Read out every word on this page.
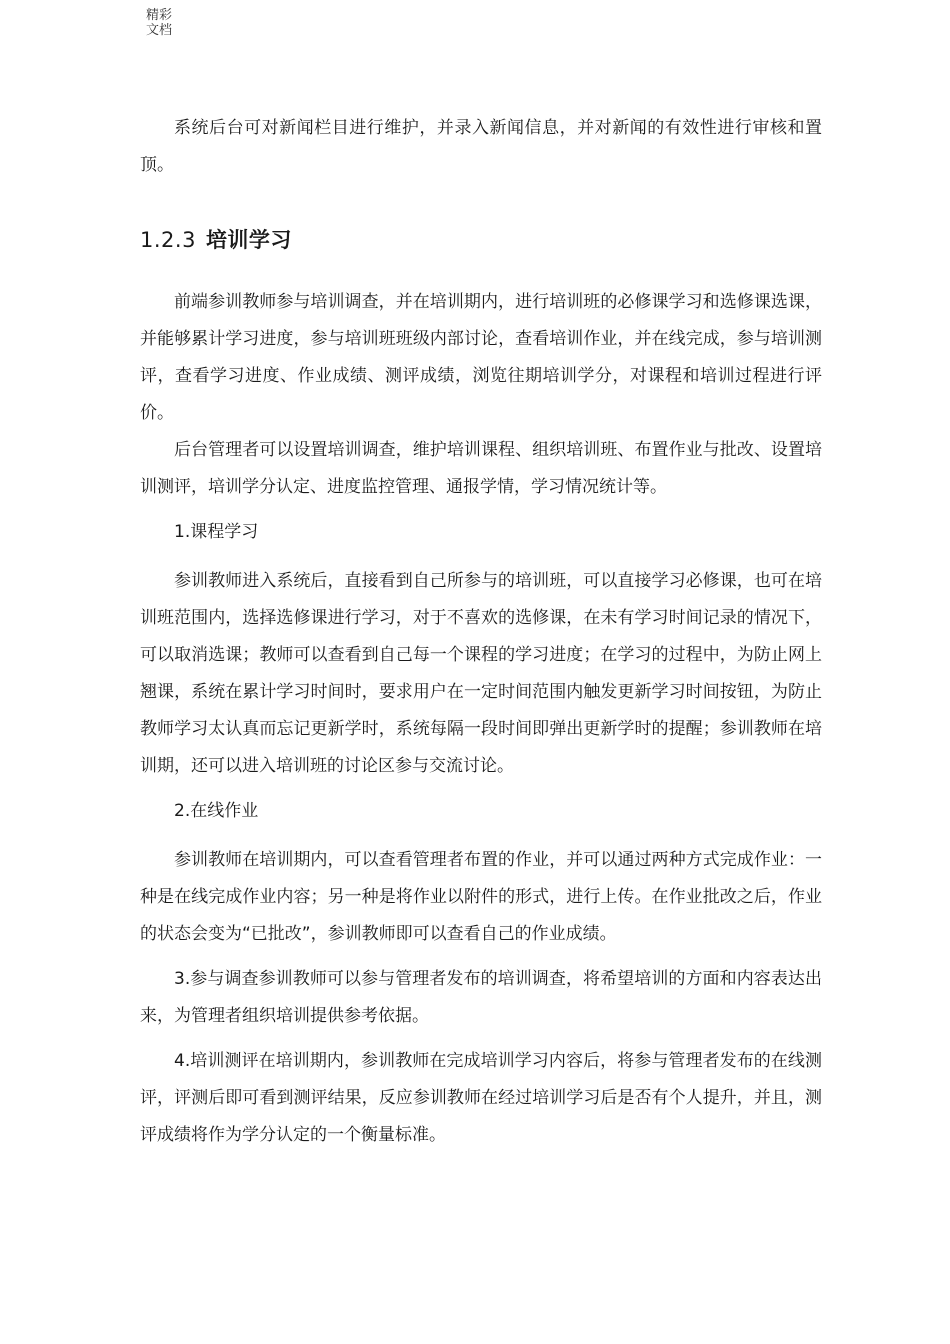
精彩文档

系统后台可对新闻栏目进行维护，并录入新闻信息，并对新闻的有效性进行审核和置顶。

1.2.3 培训学习

前端参训教师参与培训调查，并在培训期内，进行培训班的必修课学习和选修课选课，并能够累计学习进度，参与培训班班级内部讨论，查看培训作业，并在线完成，参与培训测评，查看学习进度、作业成绩、测评成绩，浏览往期培训学分，对课程和培训过程进行评价。

后台管理者可以设置培训调查，维护培训课程、组织培训班、布置作业与批改、设置培训测评，培训学分认定、进度监控管理、通报学情，学习情况统计等。

1.课程学习

参训教师进入系统后，直接看到自己所参与的培训班，可以直接学习必修课，也可在培训班范围内，选择选修课进行学习，对于不喜欢的选修课，在未有学习时间记录的情况下，可以取消选课；教师可以查看到自己每一个课程的学习进度；在学习的过程中，为防止网上翘课，系统在累计学习时间时，要求用户在一定时间范围内触发更新学习时间按钮，为防止教师学习太认真而忘记更新学时，系统每隔一段时间即弹出更新学时的提醒；参训教师在培训期，还可以进入培训班的讨论区参与交流讨论。

2.在线作业

参训教师在培训期内，可以查看管理者布置的作业，并可以通过两种方式完成作业：一种是在线完成作业内容；另一种是将作业以附件的形式，进行上传。在作业批改之后，作业的状态会变为“已批改”，参训教师即可以查看自己的作业成绩。

3.参与调查参训教师可以参与管理者发布的培训调查，将希望培训的方面和内容表达出来，为管理者组织培训提供参考依据。

4.培训测评在培训期内，参训教师在完成培训学习内容后，将参与管理者发布的在线测评，评测后即可看到测评结果，反应参训教师在经过培训学习后是否有个人提升，并且，测评成绩将作为学分认定的一个衡量标准。
